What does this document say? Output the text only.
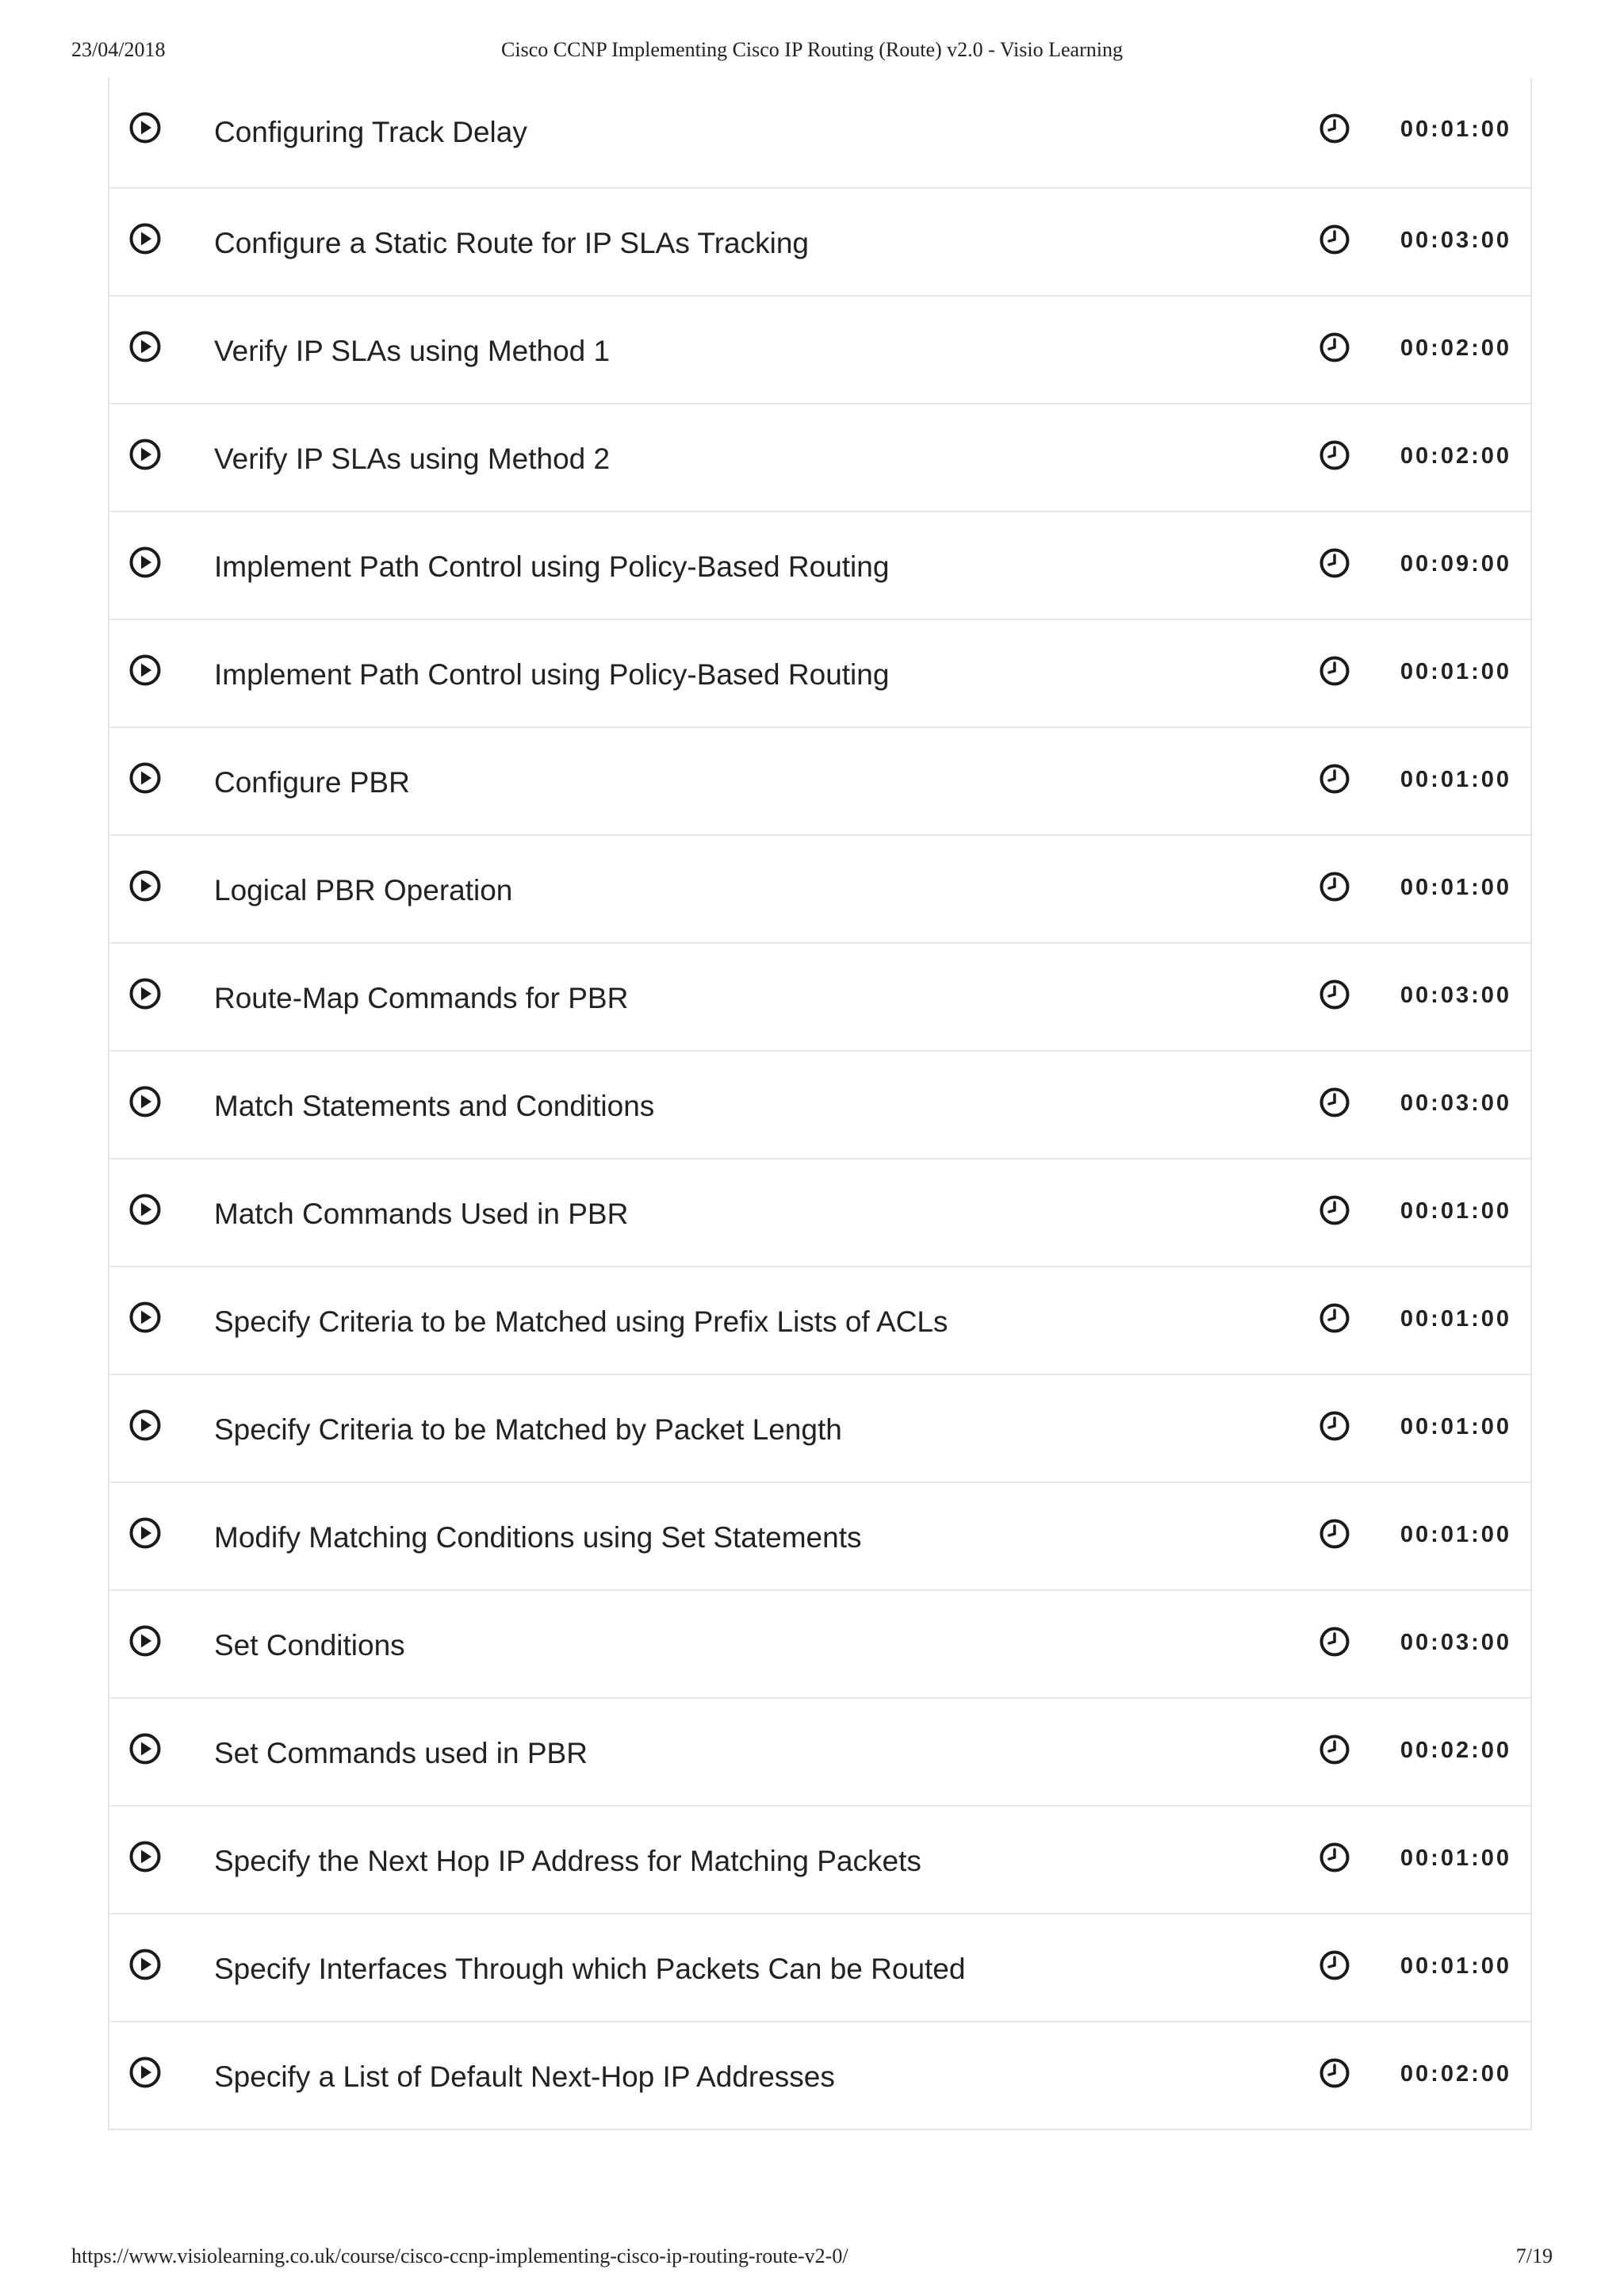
23/04/2018	Cisco CCNP Implementing Cisco IP Routing (Route) v2.0 - Visio Learning
Configuring Track Delay	00:01:00
Configure a Static Route for IP SLAs Tracking	00:03:00
Verify IP SLAs using Method 1	00:02:00
Verify IP SLAs using Method 2	00:02:00
Implement Path Control using Policy-Based Routing	00:09:00
Implement Path Control using Policy-Based Routing	00:01:00
Configure PBR	00:01:00
Logical PBR Operation	00:01:00
Route-Map Commands for PBR	00:03:00
Match Statements and Conditions	00:03:00
Match Commands Used in PBR	00:01:00
Specify Criteria to be Matched using Prefix Lists of ACLs	00:01:00
Specify Criteria to be Matched by Packet Length	00:01:00
Modify Matching Conditions using Set Statements	00:01:00
Set Conditions	00:03:00
Set Commands used in PBR	00:02:00
Specify the Next Hop IP Address for Matching Packets	00:01:00
Specify Interfaces Through which Packets Can be Routed	00:01:00
Specify a List of Default Next-Hop IP Addresses	00:02:00
https://www.visiolearning.co.uk/course/cisco-ccnp-implementing-cisco-ip-routing-route-v2-0/	7/19
